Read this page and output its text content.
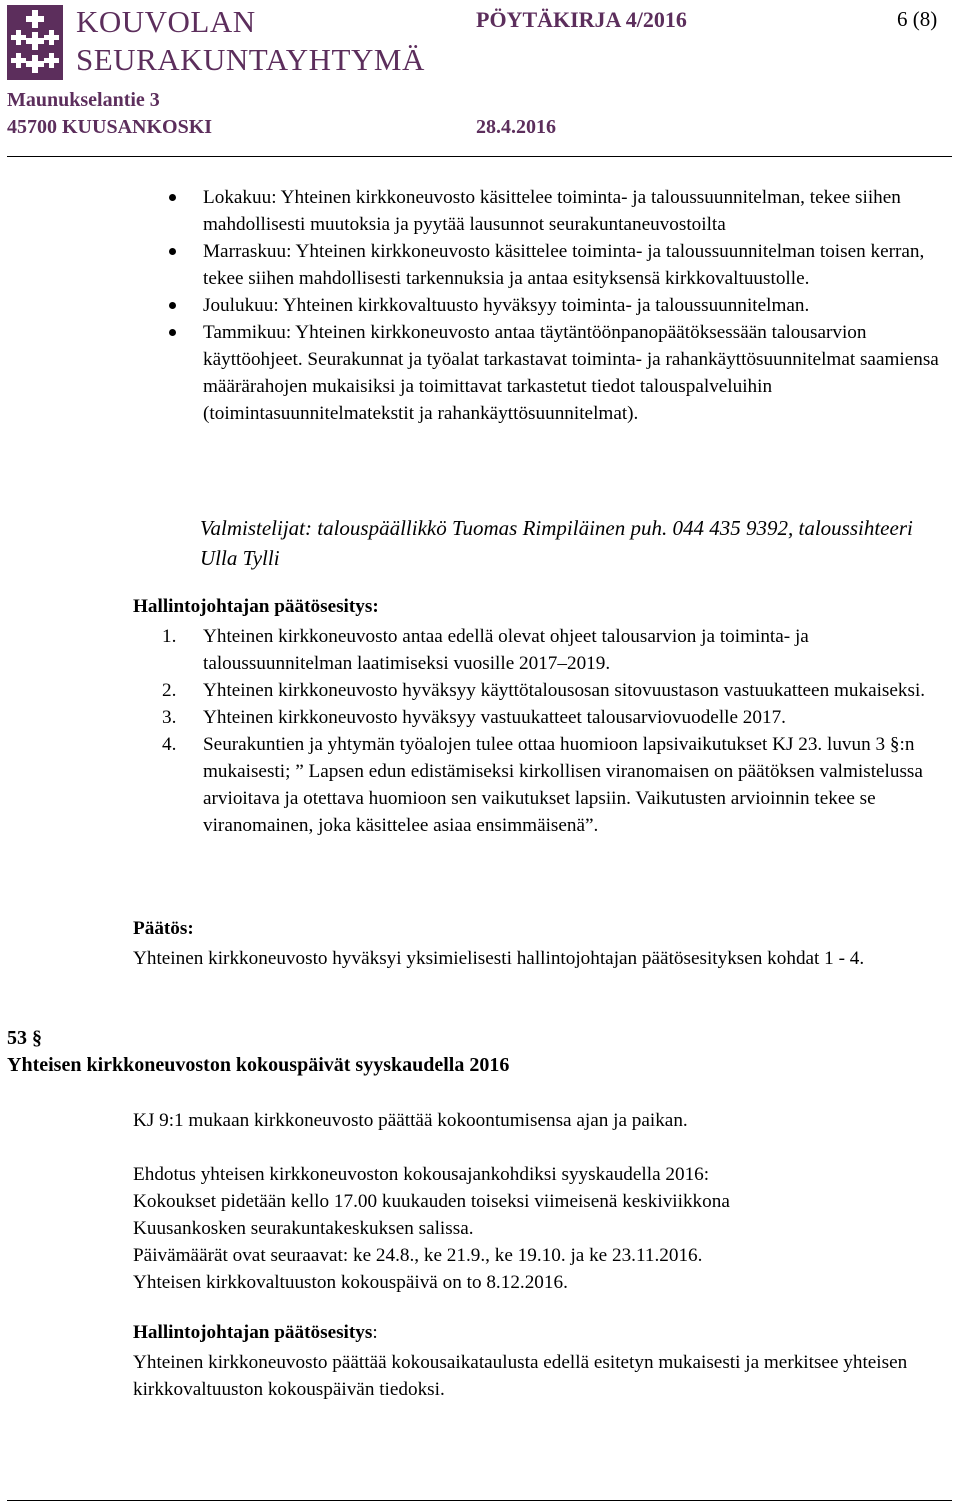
KOUVOLAN
SEURAKUNTAYHTYMÄ
PÖYTÄKIRJA 4/2016	6 (8)
Maunukselantie 3
45700 KUUSANKOSKI	28.4.2016
Lokakuu: Yhteinen kirkkoneuvosto käsittelee toiminta- ja taloussuunnitelman, tekee siihen mahdollisesti muutoksia ja pyytää lausunnot seurakuntaneuvostoilta
Marraskuu: Yhteinen kirkkoneuvosto käsittelee toiminta- ja taloussuunnitelman toisen kerran, tekee siihen mahdollisesti tarkennuksia ja antaa esityksensä kirkkovaltuustolle.
Joulukuu: Yhteinen kirkkovaltuusto hyväksyy toiminta- ja taloussuunnitelman.
Tammikuu: Yhteinen kirkkoneuvosto antaa täytäntöönpanopäätöksessään talousarvion käyttöohjeet. Seurakunnat ja työalat tarkastavat toiminta- ja rahankäyttösuunnitelmat saamiensa määrärahojen mukaisiksi ja toimittavat tarkastetut tiedot talouspalveluihin (toimintasuunnitelmatekstit ja rahankäyttösuunnitelmat).
Valmistelijat: talouspäällikkö Tuomas Rimpiläinen puh. 044 435 9392, taloussihteeri Ulla Tylli
Hallintojohtajan päätösesitys:
1. Yhteinen kirkkoneuvosto antaa edellä olevat ohjeet talousarvion ja toiminta- ja taloussuunnitelman laatimiseksi vuosille 2017–2019.
2. Yhteinen kirkkoneuvosto hyväksyy käyttötalousosan sitovuustason vastuukatteen mukaiseksi.
3. Yhteinen kirkkoneuvosto hyväksyy vastuukatteet talousarviovuodelle 2017.
4. Seurakuntien ja yhtymän työalojen tulee ottaa huomioon lapsivaikutukset KJ 23. luvun 3 §:n mukaisesti; ” Lapsen edun edistämiseksi kirkollisen viranomaisen on päätöksen valmistelussa arvioitava ja otettava huomioon sen vaikutukset lapsiin. Vaikutusten arvioinnin tekee se viranomainen, joka käsittelee asiaa ensimmäisenä”.
Päätös:
Yhteinen kirkkoneuvosto hyväksyi yksimielisesti hallintojohtajan päätösesityksen kohdat 1 - 4.
53 §
Yhteisen kirkkoneuvoston kokouspäivät syyskaudella 2016
KJ 9:1 mukaan kirkkoneuvosto päättää kokoontumisensa ajan ja paikan.
Ehdotus yhteisen kirkkoneuvoston kokousajankohdiksi syyskaudella 2016:
Kokoukset pidetään kello 17.00 kuukauden toiseksi viimeisenä keskiviikkona
Kuusankosken seurakuntakeskuksen salissa.
Päivämäärät ovat seuraavat: ke 24.8., ke 21.9., ke 19.10. ja ke 23.11.2016.
Yhteisen kirkkovaltuuston kokouspäivä on to 8.12.2016.
Hallintojohtajan päätösesitys:
Yhteinen kirkkoneuvosto päättää kokousaikataulusta edellä esitetyn mukaisesti ja merkitsee yhteisen kirkkovaltuuston kokouspäivän tiedoksi.
